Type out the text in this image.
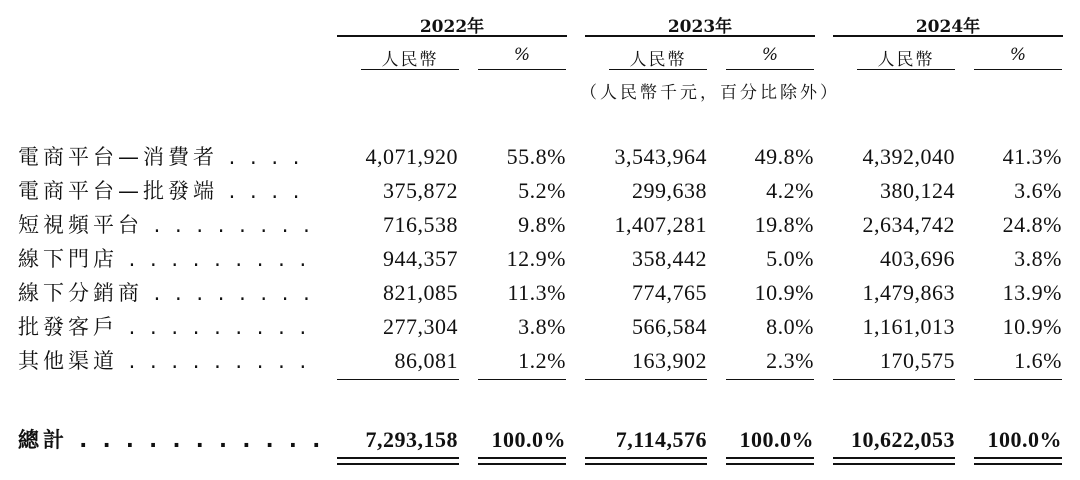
2022年	2023年	2024年
人民幣	%	人民幣	%	人民幣	%
（人民幣千元，百分比除外）
電商平台—消費者 . . . .	4,071,920	55.8%	3,543,964	49.8%	4,392,040	41.3%
電商平台—批發端 . . . .	375,872	5.2%	299,638	4.2%	380,124	3.6%
短視頻平台 . . . . . . . .	716,538	9.8%	1,407,281	19.8%	2,634,742	24.8%
線下門店 . . . . . . . . .	944,357	12.9%	358,442	5.0%	403,696	3.8%
線下分銷商 . . . . . . . .	821,085	11.3%	774,765	10.9%	1,479,863	13.9%
批發客戶 . . . . . . . . .	277,304	3.8%	566,584	8.0%	1,161,013	10.9%
其他渠道 . . . . . . . . .	86,081	1.2%	163,902	2.3%	170,575	1.6%
總計 . . . . . . . . . . .	7,293,158	100.0%	7,114,576	100.0%	10,622,053	100.0%
